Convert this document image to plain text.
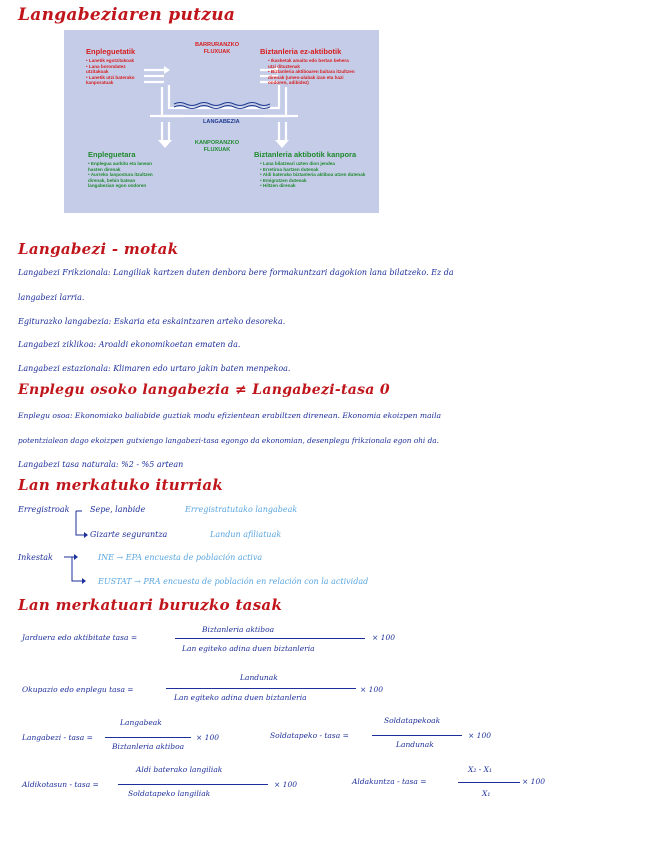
Langabeziaren putzua
Enpleguetatik
• Lanetik egotzitakoak
• Lana borondatez utzitakoak
• Lanetik utzi baterako kanporatuak
BARRURANZKO
FLUXUAK
LANGABEZIA
KANPORANZKO
FLUXUAK
Biztanleria ez-aktibotik
• Ikasketak amaitu edo bertan behera utzi dituztenak
• Biztanleria aktiboaren baitara itzultzen direnak (umeo-alabak izan eta hazi ondoren, adibidez)
Enpleguetara
• Enplegua aurkitu eta lanean hasten direnak
• Aurreko lanpostura itzultzen direnak, behin batean langabezian egon ondoren
Biztanleria aktibotik kanpora
• Lana bilatzeari uzten dion jendea
• Erretiroa hartzen dutenak
• Aldi baterako biztanleria aktiboa utzen dutenak
• Emigratzen dutenak
• Hiltzen direnak
Langabezi - motak
Langabezi Frikzionala: Langiliak kartzen duten denbora bere formakuntzari dagokion lana bilatzeko. Ez da
langabezi larria.
Egiturazko langabezia: Eskaria eta eskaintzaren arteko desoreka.
Langabezi ziklikoa: Aroaldi ekonomikoetan ematen da.
Langabezi estazionala: Klimaren edo urtaro jakin baten menpekoa.
Enplegu osoko langabezia ≠ Langabezi-tasa 0
Enplegu osoa: Ekonomiako baliabide guztiak modu efizientean erabiltzen direnean. Ekonomia ekoizpen maila
potentzialean dago ekoizpen gutxiengo langabezi-tasa egongo da ekonomian, desenplegu frikzionala egon ohi da.
Langabezi tasa naturala: %2 - %5 artean
Lan merkatuko iturriak
Erregistroak	Sepe, lanbide	Erregistratutako langabeak
Gizarte segurantza	Landun afiliatuak
Inkestak	INE → EPA encuesta de población activa
EUSTAT → PRA encuesta de población en relación con la actividad
Lan merkatuari buruzko tasak
Jarduera edo aktibitate tasa =
Biztanleria aktiboa
Lan egiteko adina duen biztanleria
× 100
Okupazio edo enplegu tasa =
Landunak
Lan egiteko adina duen biztanleria
× 100
Langabezi - tasa =
Langabeak
Biztanleria aktiboa
× 100	Soldatapeko - tasa =
Soldatapekoak
Landunak
× 100
Aldikotasun - tasa =
Aldi baterako langiliak
Soldatapeko langiliak
× 100	Aldakuntza - tasa =
X₂ - X₁
X₁
× 100
